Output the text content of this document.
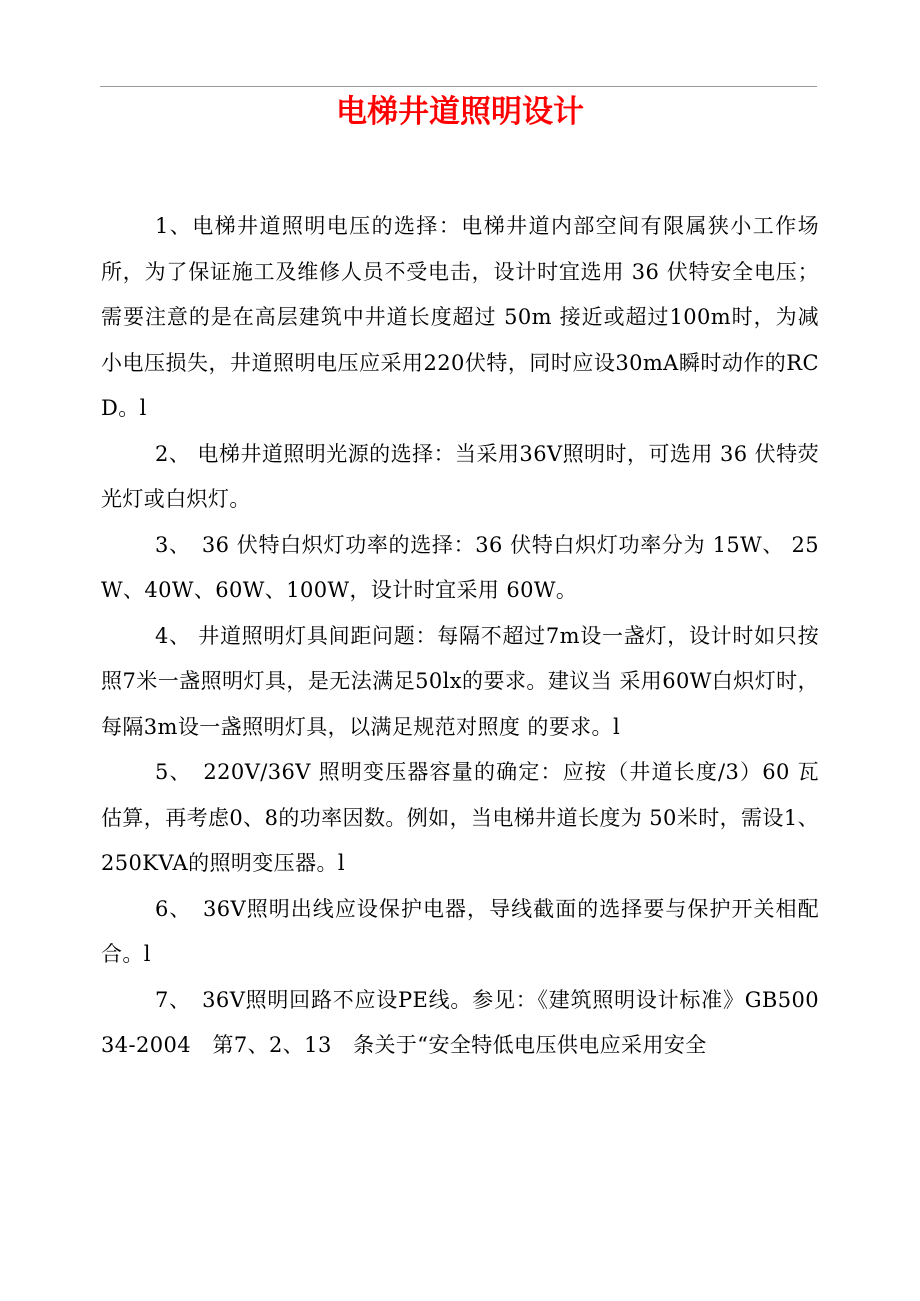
电梯井道照明设计

1、电梯井道照明电压的选择：电梯井道内部空间有限属狭小工作场所，为了保证施工及维修人员不受电击，设计时宜选用 36 伏特安全电压；需要注意的是在高层建筑中井道长度超过 50m 接近或超过100m时，为减小电压损失，井道照明电压应采用220伏特，同时应设30mA瞬时动作的RCD。l

2、 电梯井道照明光源的选择：当采用36V照明时，可选用 36 伏特荧光灯或白炽灯。

3、　36 伏特白炽灯功率的选择：36 伏特白炽灯功率分为 15W、 25W、40W、60W、100W，设计时宜采用 60W。

4、 井道照明灯具间距问题：每隔不超过7m设一盏灯，设计时如只按照7米一盏照明灯具，是无法满足50lx的要求。建议当 采用60W白炽灯时，每隔3m设一盏照明灯具，以满足规范对照度 的要求。l

5、　220V/36V 照明变压器容量的确定：应按（井道长度/3）60 瓦估算，再考虑0、8的功率因数。例如，当电梯井道长度为 50米时，需设1、250KVA的照明变压器。l

6、　36V照明出线应设保护电器，导线截面的选择要与保护开关相配合。l

7、　36V照明回路不应设PE线。参见：《建筑照明设计标准》GB50034-2004　第7、2、13　条关于“安全特低电压供电应采用安全
